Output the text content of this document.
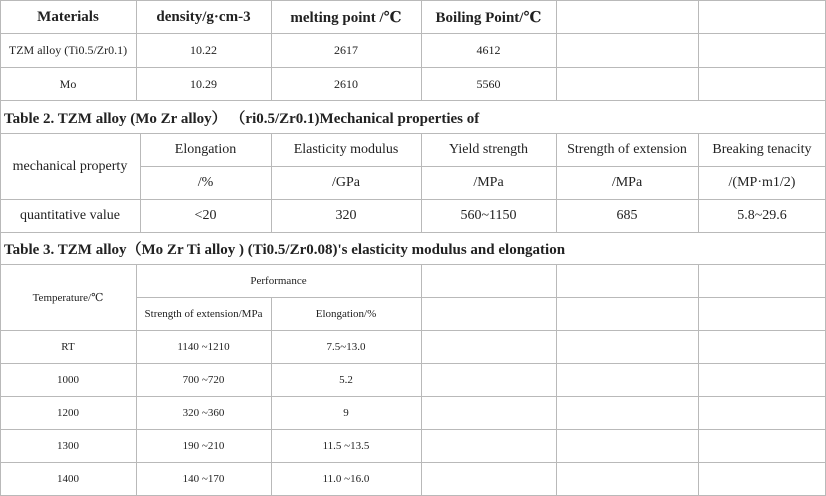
Materials	density/g·cm-3	melting point /℃	Boiling Point/℃
TZM alloy (Ti0.5/Zr0.1)	10.22	2617	4612
Mo	10.29	2610	5560
Table 2. TZM alloy (Mo Zr alloy） （ri0.5/Zr0.1)Mechanical properties of
mechanical property
Elongation	Elasticity modulus	Yield strength	Strength of extension	Breaking tenacity
/%	/GPa	/MPa	/MPa	/(MP·m1/2)
quantitative value	<20	320	560~1150	685	5.8~29.6
Table 3. TZM alloy（Mo Zr Ti alloy ) (Ti0.5/Zr0.08)'s elasticity modulus and elongation
Temperature/℃
Performance
Strength of extension/MPa	Elongation/%
RT	1140 ~1210	7.5~13.0
1000	700 ~720	5.2
1200	320 ~360	9
1300	190 ~210	11.5 ~13.5
1400	140 ~170	11.0 ~16.0
